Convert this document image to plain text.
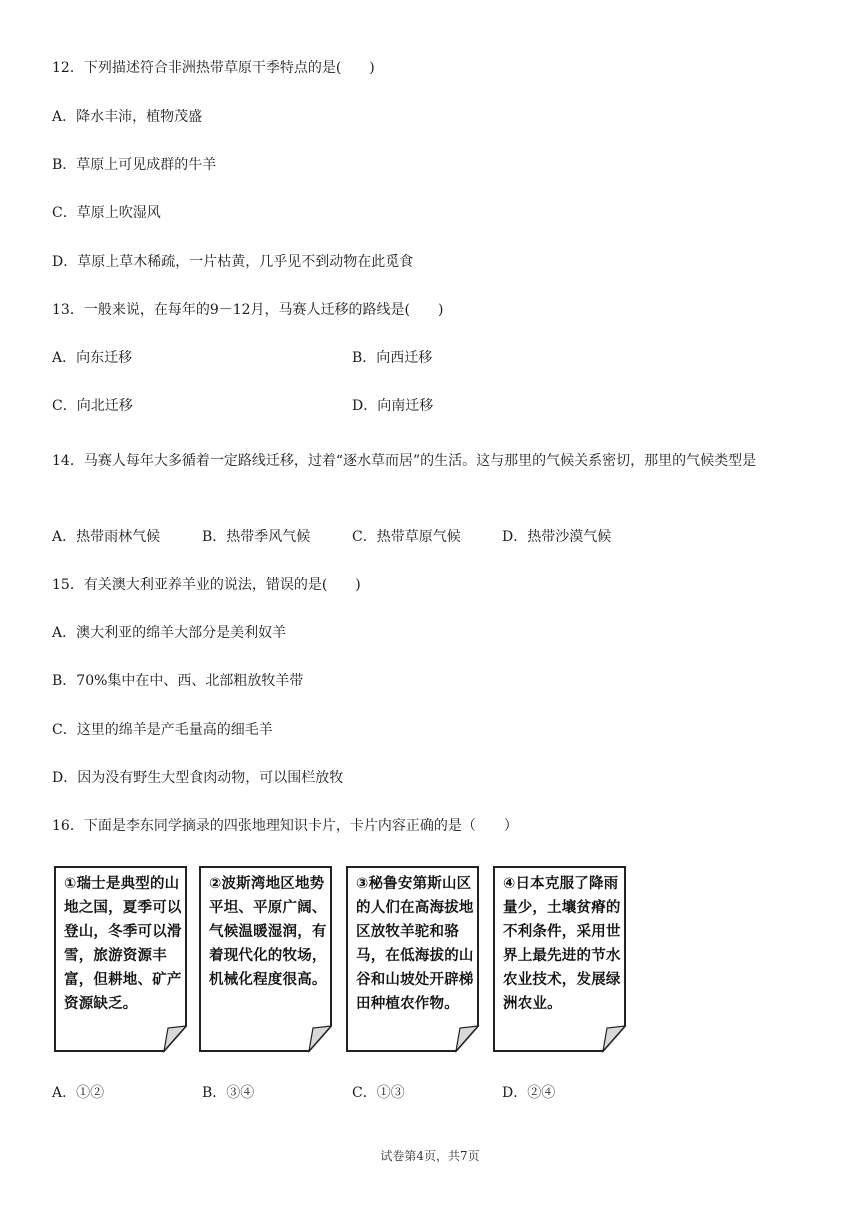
12．下列描述符合非洲热带草原干季特点的是(　　)
A．降水丰沛，植物茂盛
B．草原上可见成群的牛羊
C．草原上吹湿风
D．草原上草木稀疏，一片枯黄，几乎见不到动物在此觅食
13．一般来说，在每年的9－12月，马赛人迁移的路线是(　　)
A．向东迁移	B．向西迁移
C．向北迁移	D．向南迁移
14．马赛人每年大多循着一定路线迁移，过着“逐水草而居”的生活。这与那里的气候关系密切，那里的气候类型是
A．热带雨林气候	B．热带季风气候	C．热带草原气候	D．热带沙漠气候
15．有关澳大利亚养羊业的说法，错误的是(　　)
A．澳大利亚的绵羊大部分是美利奴羊
B．70%集中在中、西、北部粗放牧羊带
C．这里的绵羊是产毛量高的细毛羊
D．因为没有野生大型食肉动物，可以围栏放牧
16．下面是李东同学摘录的四张地理知识卡片，卡片内容正确的是（　　）
①瑞士是典型的山地之国，夏季可以登山，冬季可以滑雪，旅游资源丰富，但耕地、矿产资源缺乏。
②波斯湾地区地势平坦、平原广阔、气候温暖湿润，有着现代化的牧场，机械化程度很高。
③秘鲁安第斯山区的人们在高海拔地区放牧羊驼和骆马，在低海拔的山谷和山坡处开辟梯田种植农作物。
④日本克服了降雨量少，土壤贫瘠的不利条件，采用世界上最先进的节水农业技术，发展绿洲农业。
A．①②	B．③④	C．①③	D．②④
试卷第4页，共7页
